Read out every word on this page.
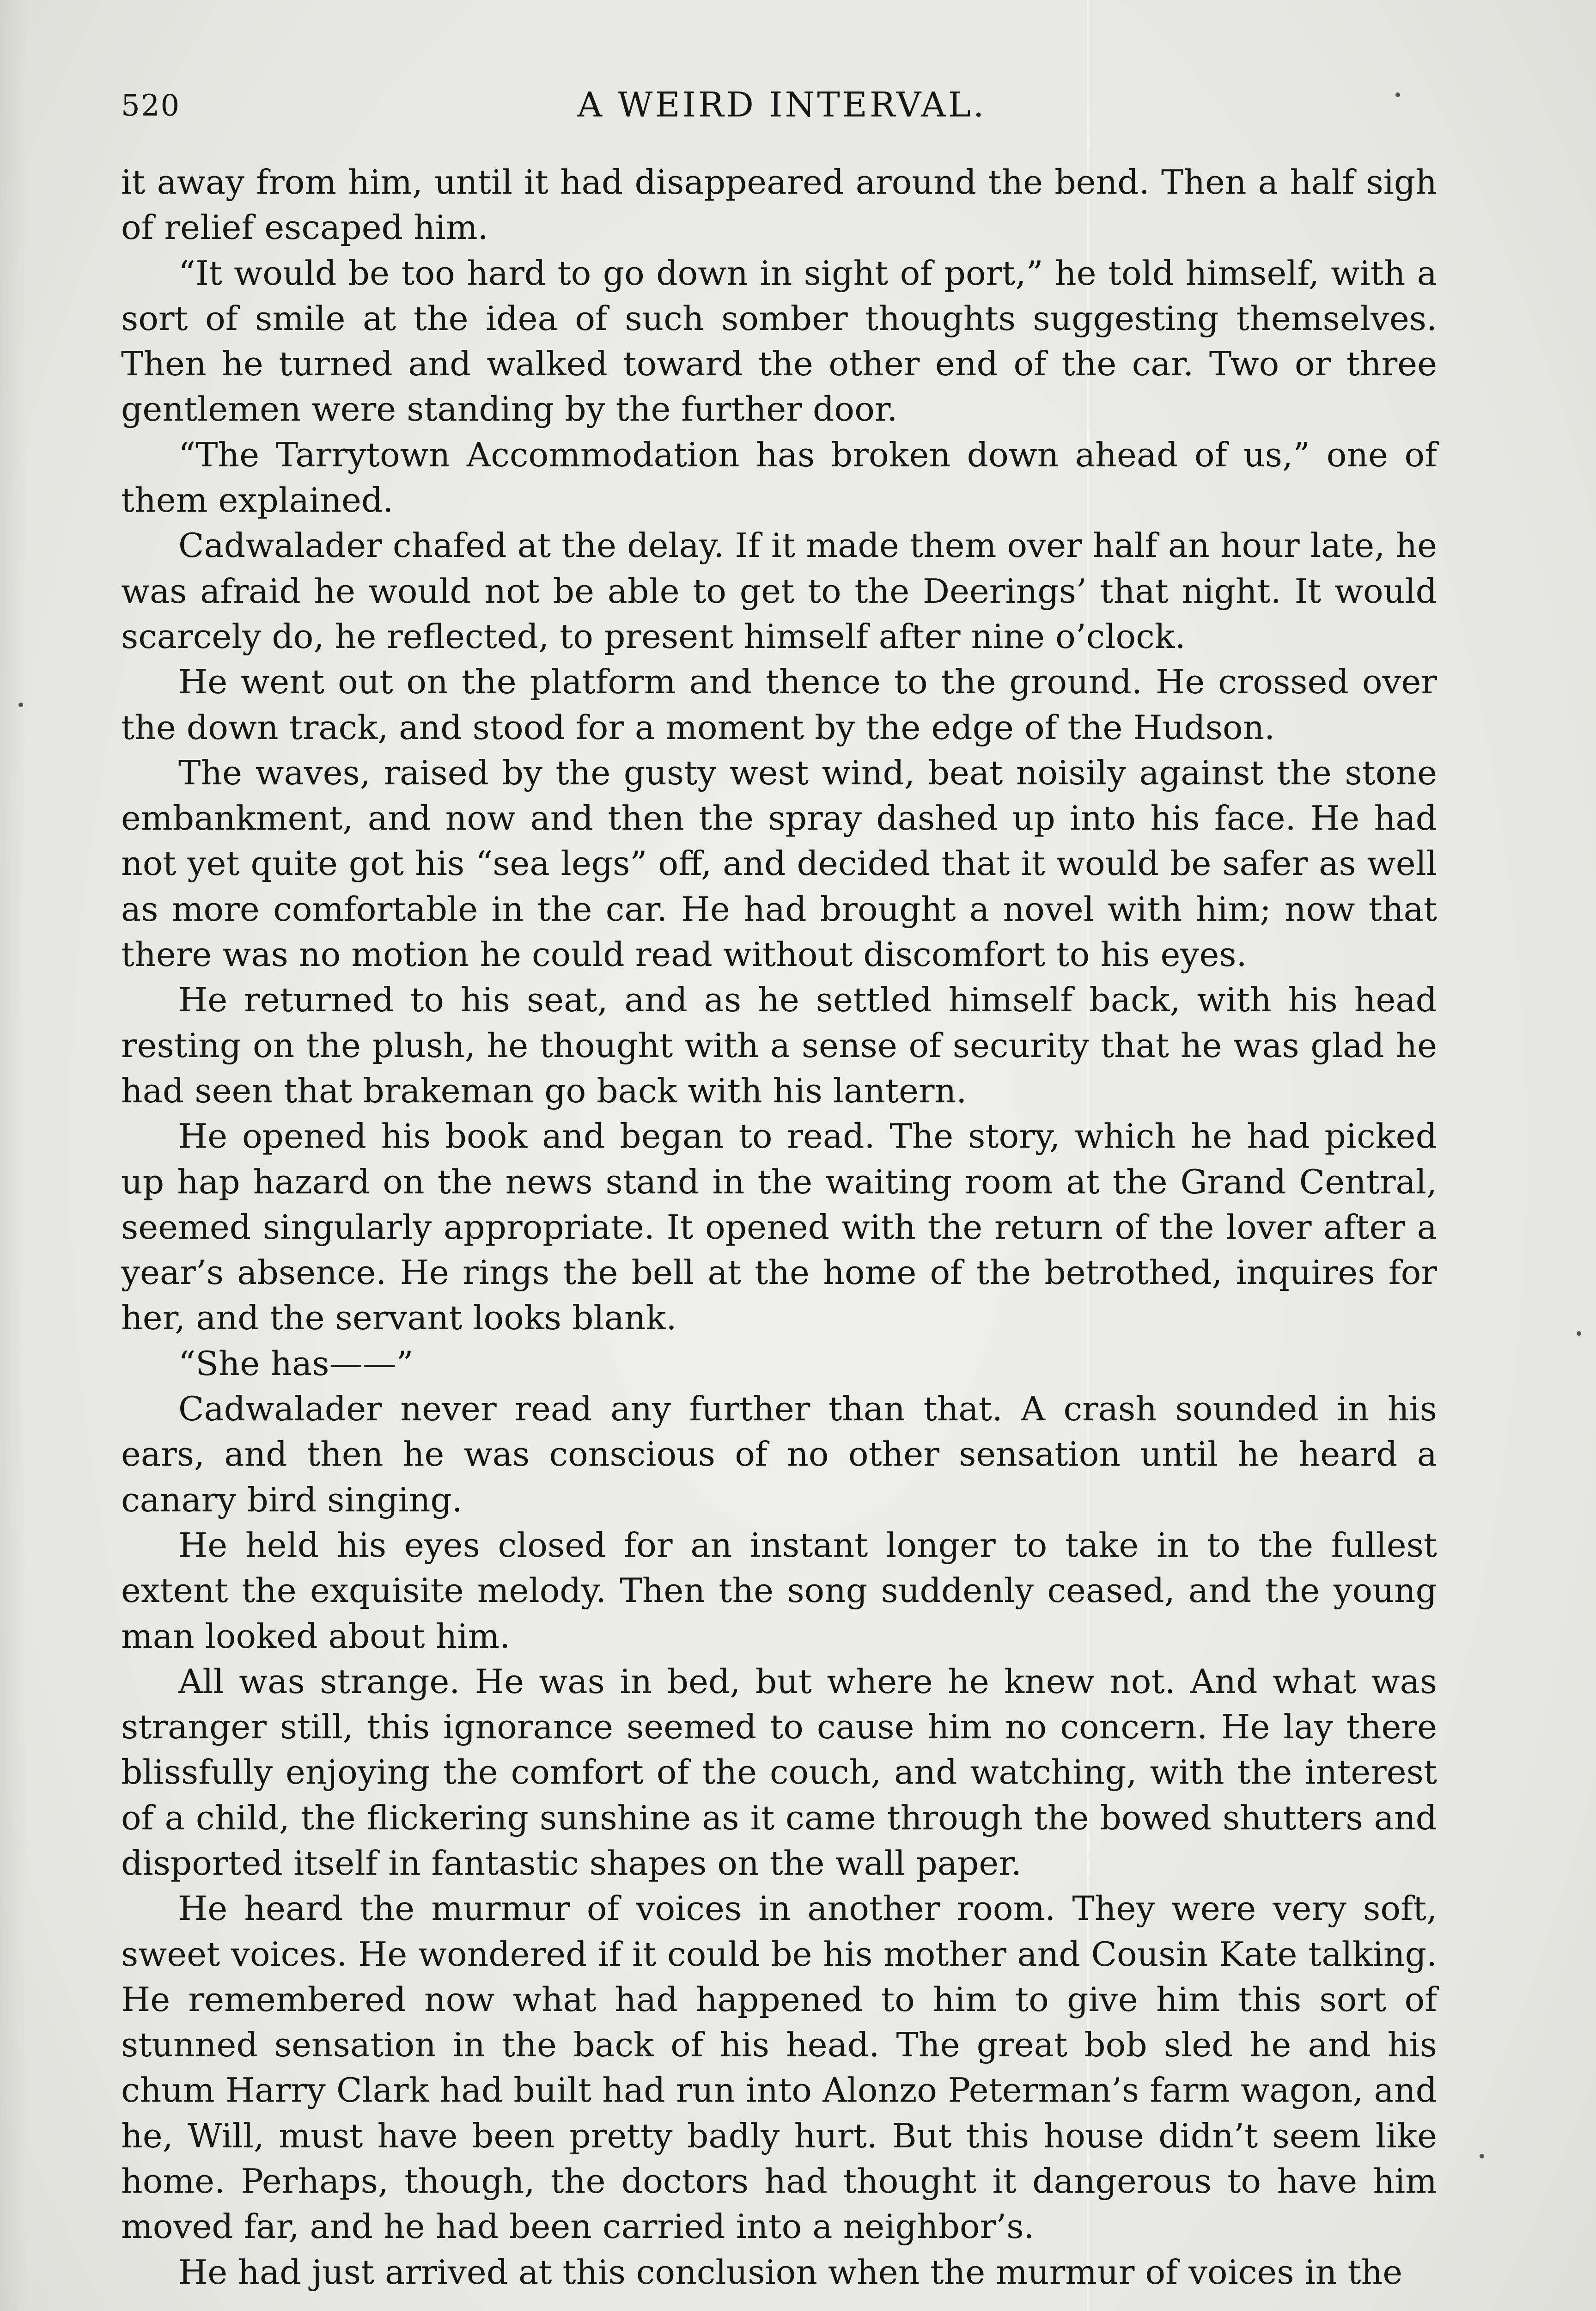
520	A WEIRD INTERVAL.

it away from him, until it had disappeared around the bend. Then a half sigh of relief escaped him.

“It would be too hard to go down in sight of port,” he told himself, with a sort of smile at the idea of such somber thoughts suggesting themselves. Then he turned and walked toward the other end of the car. Two or three gentlemen were standing by the further door.

“The Tarrytown Accommodation has broken down ahead of us,” one of them explained.

Cadwalader chafed at the delay. If it made them over half an hour late, he was afraid he would not be able to get to the Deerings’ that night. It would scarcely do, he reflected, to present himself after nine o’clock.

He went out on the platform and thence to the ground. He crossed over the down track, and stood for a moment by the edge of the Hudson.

The waves, raised by the gusty west wind, beat noisily against the stone embankment, and now and then the spray dashed up into his face. He had not yet quite got his “sea legs” off, and decided that it would be safer as well as more comfortable in the car. He had brought a novel with him; now that there was no motion he could read without discomfort to his eyes.

He returned to his seat, and as he settled himself back, with his head resting on the plush, he thought with a sense of security that he was glad he had seen that brakeman go back with his lantern.

He opened his book and began to read. The story, which he had picked up hap hazard on the news stand in the waiting room at the Grand Central, seemed singularly appropriate. It opened with the return of the lover after a year’s absence. He rings the bell at the home of the betrothed, inquires for her, and the servant looks blank.

“She has——”

Cadwalader never read any further than that. A crash sounded in his ears, and then he was conscious of no other sensation until he heard a canary bird singing.

He held his eyes closed for an instant longer to take in to the fullest extent the exquisite melody. Then the song suddenly ceased, and the young man looked about him.

All was strange. He was in bed, but where he knew not. And what was stranger still, this ignorance seemed to cause him no concern. He lay there blissfully enjoying the comfort of the couch, and watching, with the interest of a child, the flickering sunshine as it came through the bowed shutters and disported itself in fantastic shapes on the wall paper.

He heard the murmur of voices in another room. They were very soft, sweet voices. He wondered if it could be his mother and Cousin Kate talking. He remembered now what had happened to him to give him this sort of stunned sensation in the back of his head. The great bob sled he and his chum Harry Clark had built had run into Alonzo Peterman’s farm wagon, and he, Will, must have been pretty badly hurt. But this house didn’t seem like home. Perhaps, though, the doctors had thought it dangerous to have him moved far, and he had been carried into a neighbor’s.

He had just arrived at this conclusion when the murmur of voices in the
